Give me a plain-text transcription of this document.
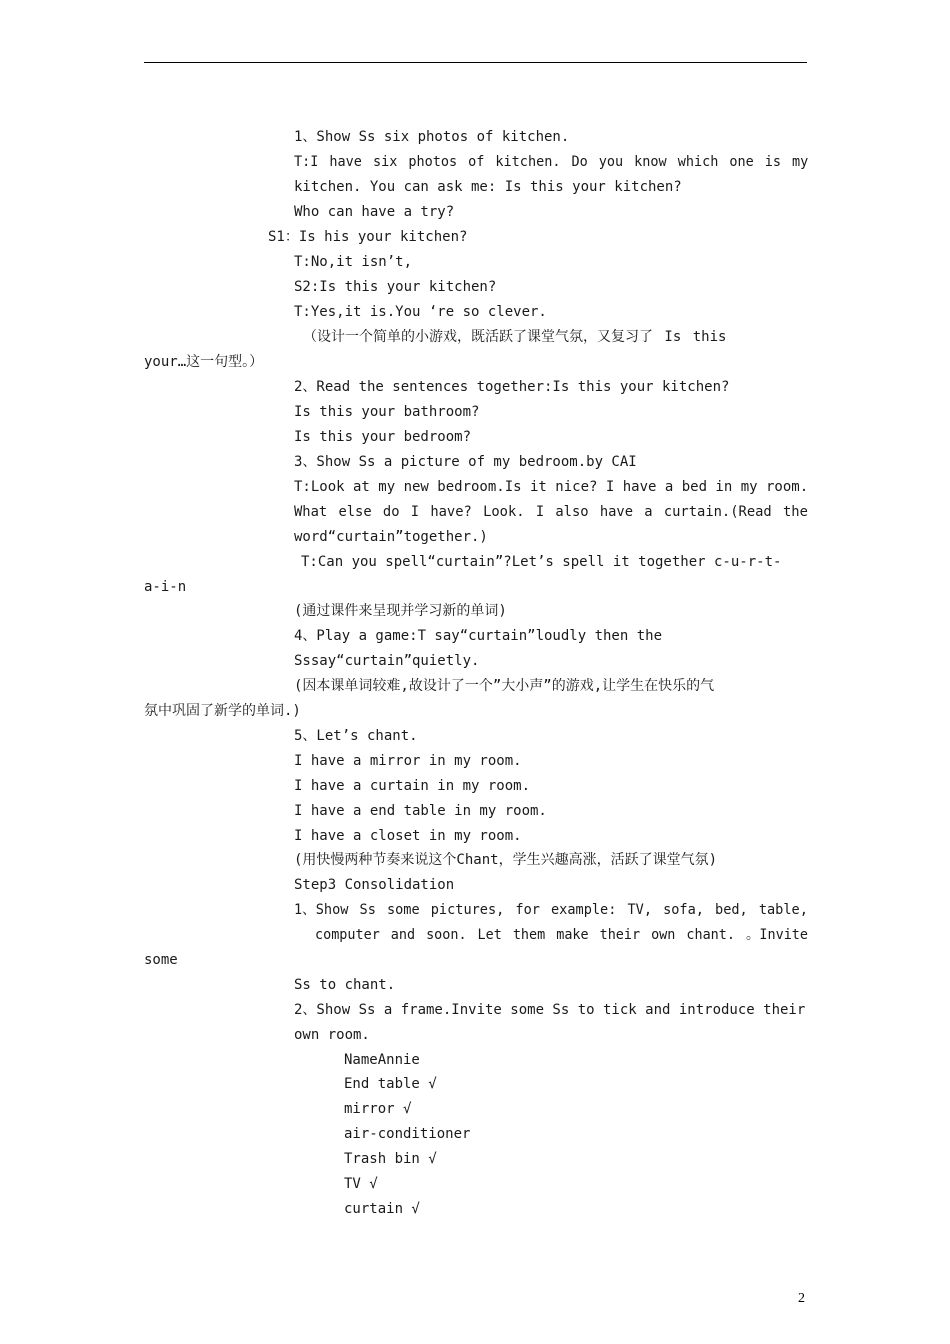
1、Show Ss six photos of kitchen.
T:I have six photos of kitchen. Do you know which one is my
kitchen. You can ask me: Is this your kitchen?
Who can have a try?
S1：Is his your kitchen?
T:No,it isn’t,
S2:Is this your kitchen?
T:Yes,it is.You ‘re so clever.
（设计一个简单的小游戏，既活跃了课堂气氛，又复习了 Is this
your…这一句型。）
2、Read the sentences together:Is this your kitchen?
Is this your bathroom?
Is this your bedroom?
3、Show Ss a picture of my bedroom.by CAI
T:Look at my new bedroom.Is it nice? I have a bed in my room.
What else do I have? Look. I also have a curtain.(Read the
word“curtain”together.)
T:Can you spell“curtain”?Let’s spell it together c-u-r-t-
a-i-n
(通过课件来呈现并学习新的单词)
4、Play a game:T say“curtain”loudly then the
Sssay“curtain”quietly.
(因本课单词较难,故设计了一个”大小声”的游戏,让学生在快乐的气
氛中巩固了新学的单词.)
5、Let’s chant.
I have a mirror in my room.
I have a curtain in my room.
I have a end table in my room.
I have a closet in my room.
(用快慢两种节奏来说这个Chant，学生兴趣高涨，活跃了课堂气氛)
Step3 Consolidation
1、Show Ss some pictures, for example: TV, sofa, bed, table,
computer and soon. Let them make their own chant. 。Invite
some
Ss to chant.
2、Show Ss a frame.Invite some Ss to tick and introduce their
own room.
NameAnnie
End table √
mirror √
air-conditioner
Trash bin √
TV √
curtain √
2
